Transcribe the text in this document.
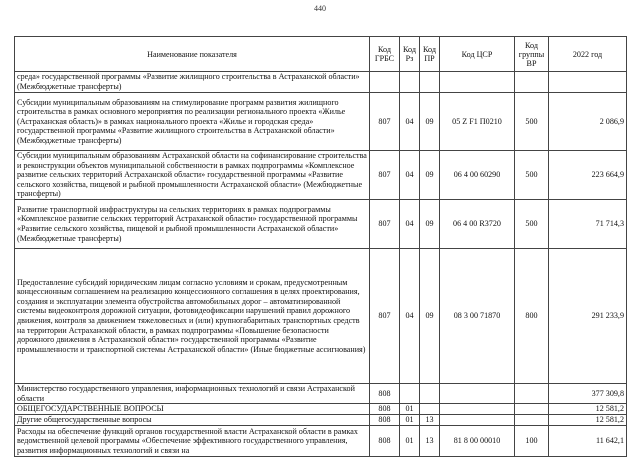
440
Наименование показателя	Код ГРБС	Код Рз	Код ПР	Код ЦСР	Код группы ВР	2022 год
среда» государственной программы «Развитие жилищного строительства в Астраханской области» (Межбюджетные трансферты)						
Субсидии муниципальным образованиям на стимулирование программ развития жилищного строительства в рамках основного мероприятия по реализации регионального проекта «Жилье (Астраханская область)» в рамках национального проекта «Жилье и городская среда» государственной программы «Развитие жилищного строительства в Астраханской области» (Межбюджетные трансферты)	807	04	09	05 Z F1 П0210	500	2 086,9
Субсидии муниципальным образованиям Астраханской области на софинансирование строительства и реконструкции объектов муниципальной собственности в рамках подпрограммы «Комплексное развитие сельских территорий Астраханской области» государственной программы «Развитие сельского хозяйства, пищевой и рыбной промышленности Астраханской области» (Межбюджетные трансферты)	807	04	09	06 4 00 60290	500	223 664,9
Развитие транспортной инфраструктуры на сельских территориях в рамках подпрограммы «Комплексное развитие сельских территорий Астраханской области» государственной программы «Развитие сельского хозяйства, пищевой и рыбной промышленности Астраханской области» (Межбюджетные трансферты)	807	04	09	06 4 00 R3720	500	71 714,3
Предоставление субсидий юридическим лицам согласно условиям и срокам, предусмотренным концессионным соглашением на реализацию концессионного соглашения в целях проектирования, создания и эксплуатации элемента обустройства автомобильных дорог – автоматизированной системы видеоконтроля дорожной ситуации, фотовидеофиксации нарушений правил дорожного движения, контроля за движением тяжеловесных и (или) крупногабаритных транспортных средств на территории Астраханской области, в рамках подпрограммы «Повышение безопасности дорожного движения в Астраханской области» государственной программы «Развитие промышленности и транспортной системы Астраханской области» (Иные бюджетные ассигнования)	807	04	09	08 3 00 71870	800	291 233,9
Министерство государственного управления, информационных технологий и связи Астраханской области	808					377 309,8
ОБЩЕГОСУДАРСТВЕННЫЕ ВОПРОСЫ	808	01				12 581,2
Другие общегосударственные вопросы	808	01	13			12 581,2
Расходы на обеспечение функций органов государственной власти Астраханской области в рамках ведомственной целевой программы «Обеспечение эффективного государственного управления, развития информационных технологий и связи на	808	01	13	81 8 00 00010	100	11 642,1
